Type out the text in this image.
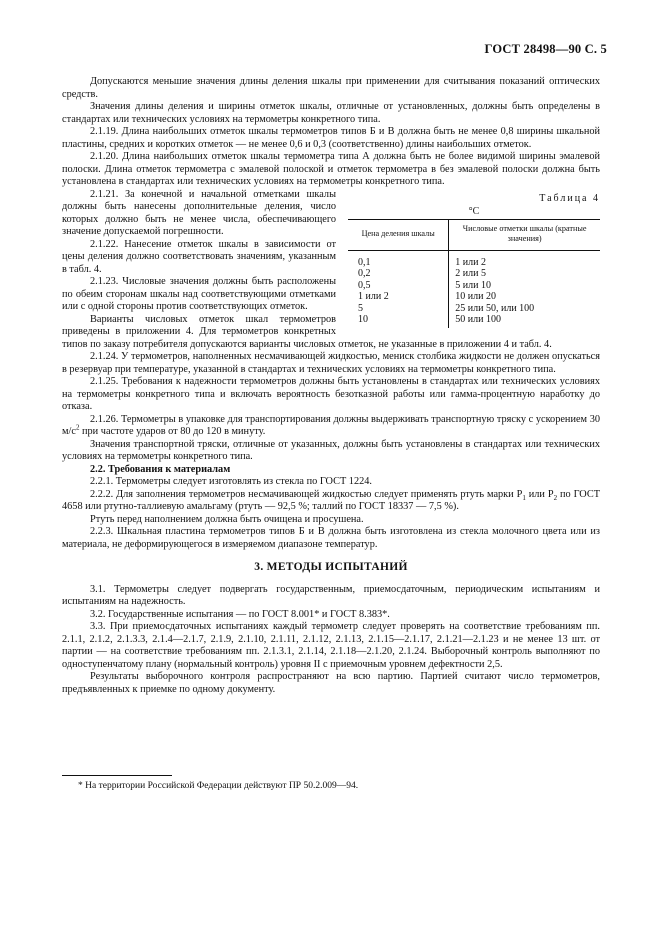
ГОСТ 28498—90 С. 5

Допускаются меньшие значения длины деления шкалы при применении для считывания показаний оптических средств.

Значения длины деления и ширины отметок шкалы, отличные от установленных, должны быть определены в стандартах или технических условиях на термометры конкретного типа.

2.1.19. Длина наибольших отметок шкалы термометров типов Б и В должна быть не менее 0,8 ширины шкальной пластины, средних и коротких отметок — не менее 0,6 и 0,3 (соответственно) длины наибольших отметок.

2.1.20. Длина наибольших отметок шкалы термометра типа А должна быть не более видимой ширины эмалевой полоски. Длина отметок термометра с эмалевой полоской и отметок термометра в без эмалевой полоски должна быть установлена в стандартах или технических условиях на термометры конкретного типа.

Таблица 4
°С
Цена деления шкалы	Числовые отметки шкалы (кратные значения)
0,1	1 или 2
0,2	2 или 5
0,5	5 или 10
1 или 2	10 или 20
5	25 или 50, или 100
10	50 или 100

2.1.21. За конечной и начальной отметками шкалы должны быть нанесены дополнительные деления, число которых должно быть не менее числа, обеспечивающего значение допускаемой погрешности.

2.1.22. Нанесение отметок шкалы в зависимости от цены деления должно соответствовать значениям, указанным в табл. 4.

2.1.23. Числовые значения должны быть расположены по обеим сторонам шкалы над соответствующими отметками или с одной стороны против соответствующих отметок.

Варианты числовых отметок шкал термометров приведены в приложении 4. Для термометров конкретных типов по заказу потребителя допускаются варианты числовых отметок, не указанные в приложении 4 и табл. 4.

2.1.24. У термометров, наполненных несмачивающей жидкостью, мениск столбика жидкости не должен опускаться в резервуар при температуре, указанной в стандартах и технических условиях на термометры конкретного типа.

2.1.25. Требования к надежности термометров должны быть установлены в стандартах или технических условиях на термометры конкретного типа и включать вероятность безотказной работы или гамма-процентную наработку до отказа.

2.1.26. Термометры в упаковке для транспортирования должны выдерживать транспортную тряску с ускорением 30 $м/с^2$ при частоте ударов от 80 до 120 в минуту.

Значения транспортной тряски, отличные от указанных, должны быть установлены в стандартах или технических условиях на термометры конкретного типа.

2.2. Требования к материалам

2.2.1. Термометры следует изготовлять из стекла по ГОСТ 1224.

2.2.2. Для заполнения термометров несмачивающей жидкостью следует применять ртуть марки $Р_1$ или $Р_2$ по ГОСТ 4658 или ртутно-таллиевую амальгаму (ртуть — 92,5 %; таллий по ГОСТ 18337 — 7,5 %).

Ртуть перед наполнением должна быть очищена и просушена.

2.2.3. Шкальная пластина термометров типов Б и В должна быть изготовлена из стекла молочного цвета или из материала, не деформирующегося в измеряемом диапазоне температур.

3. МЕТОДЫ ИСПЫТАНИЙ

3.1. Термометры следует подвергать государственным, приемосдаточным, периодическим испытаниям и испытаниям на надежность.

3.2. Государственные испытания — по ГОСТ 8.001* и ГОСТ 8.383*.

3.3. При приемосдаточных испытаниях каждый термометр следует проверять на соответствие требованиям пп. 2.1.1, 2.1.2, 2.1.3.3, 2.1.4—2.1.7, 2.1.9, 2.1.10, 2.1.11, 2.1.12, 2.1.13, 2.1.15—2.1.17, 2.1.21—2.1.23 и не менее 13 шт. от партии — на соответствие требованиям пп. 2.1.3.1, 2.1.14, 2.1.18—2.1.20, 2.1.24. Выборочный контроль выполняют по одноступенчатому плану (нормальный контроль) уровня II с приемочным уровнем дефектности 2,5.

Результаты выборочного контроля распространяют на всю партию. Партией считают число термометров, предъявленных к приемке по одному документу.

* На территории Российской Федерации действуют ПР 50.2.009—94.
